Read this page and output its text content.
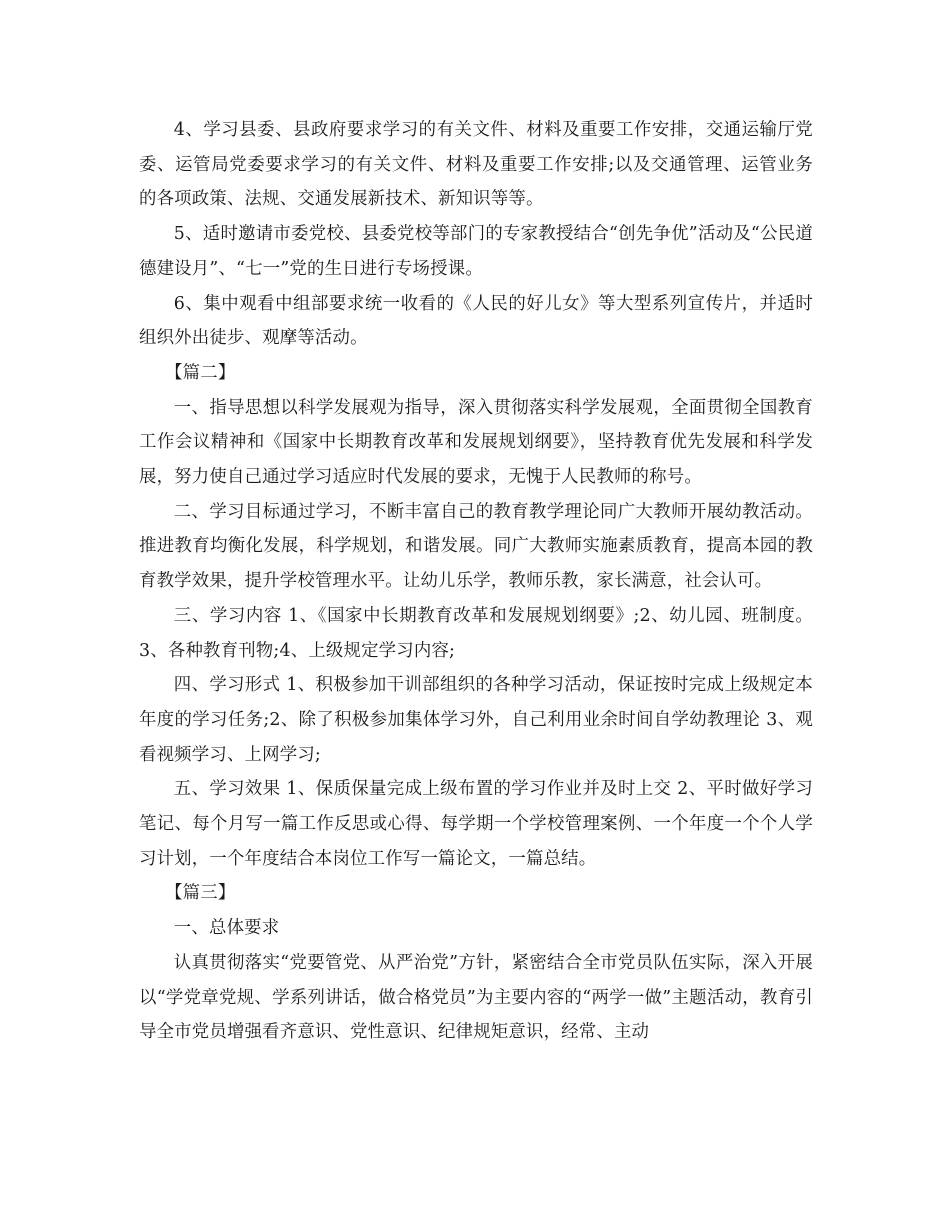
4、学习县委、县政府要求学习的有关文件、材料及重要工作安排，交通运输厅党委、运管局党委要求学习的有关文件、材料及重要工作安排;以及交通管理、运管业务的各项政策、法规、交通发展新技术、新知识等等。

5、适时邀请市委党校、县委党校等部门的专家教授结合“创先争优”活动及“公民道德建设月”、“七一”党的生日进行专场授课。

6、集中观看中组部要求统一收看的《人民的好儿女》等大型系列宣传片，并适时组织外出徒步、观摩等活动。

【篇二】

一、指导思想以科学发展观为指导，深入贯彻落实科学发展观，全面贯彻全国教育工作会议精神和《国家中长期教育改革和发展规划纲要》，坚持教育优先发展和科学发展，努力使自己通过学习适应时代发展的要求，无愧于人民教师的称号。

二、学习目标通过学习，不断丰富自己的教育教学理论同广大教师开展幼教活动。推进教育均衡化发展，科学规划，和谐发展。同广大教师实施素质教育，提高本园的教育教学效果，提升学校管理水平。让幼儿乐学，教师乐教，家长满意，社会认可。

三、学习内容 1、《国家中长期教育改革和发展规划纲要》;2、幼儿园、班制度。3、各种教育刊物;4、上级规定学习内容;

四、学习形式 1、积极参加干训部组织的各种学习活动，保证按时完成上级规定本年度的学习任务;2、除了积极参加集体学习外，自己利用业余时间自学幼教理论 3、观看视频学习、上网学习;

五、学习效果 1、保质保量完成上级布置的学习作业并及时上交 2、平时做好学习笔记、每个月写一篇工作反思或心得、每学期一个学校管理案例、一个年度一个个人学习计划，一个年度结合本岗位工作写一篇论文，一篇总结。

【篇三】

一、总体要求

认真贯彻落实“党要管党、从严治党”方针，紧密结合全市党员队伍实际，深入开展以“学党章党规、学系列讲话，做合格党员”为主要内容的“两学一做”主题活动，教育引导全市党员增强看齐意识、党性意识、纪律规矩意识，经常、主动
